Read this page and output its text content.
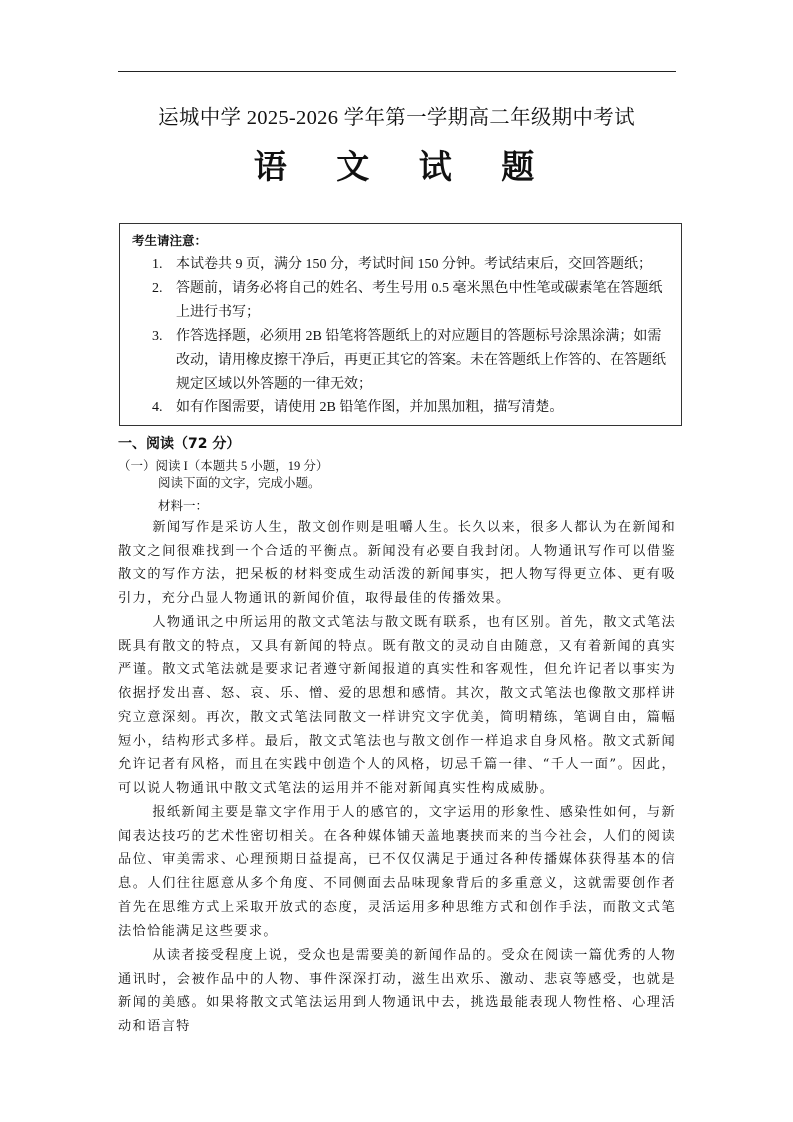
运城中学 2025-2026 学年第一学期高二年级期中考试
语 文 试 题
考生请注意：
1. 本试卷共 9 页，满分 150 分，考试时间 150 分钟。考试结束后，交回答题纸；
2. 答题前，请务必将自己的姓名、考生号用 0.5 毫米黑色中性笔或碳素笔在答题纸上进行书写；
3. 作答选择题，必须用 2B 铅笔将答题纸上的对应题目的答题标号涂黑涂满；如需改动，请用橡皮擦干净后，再更正其它的答案。未在答题纸上作答的、在答题纸规定区域以外答题的一律无效；
4. 如有作图需要，请使用 2B 铅笔作图，并加黑加粗，描写清楚。
一、阅读（72 分）
（一）阅读 I（本题共 5 小题，19 分）
阅读下面的文字，完成小题。
材料一：
新闻写作是采访人生，散文创作则是咀嚼人生。长久以来，很多人都认为在新闻和散文之间很难找到一个合适的平衡点。新闻没有必要自我封闭。人物通讯写作可以借鉴散文的写作方法，把呆板的材料变成生动活泼的新闻事实，把人物写得更立体、更有吸引力，充分凸显人物通讯的新闻价值，取得最佳的传播效果。
人物通讯之中所运用的散文式笔法与散文既有联系，也有区别。首先，散文式笔法既具有散文的特点，又具有新闻的特点。既有散文的灵动自由随意，又有着新闻的真实严谨。散文式笔法就是要求记者遵守新闻报道的真实性和客观性，但允许记者以事实为依据抒发出喜、怒、哀、乐、憎、爱的思想和感情。其次，散文式笔法也像散文那样讲究立意深刻。再次，散文式笔法同散文一样讲究文字优美，简明精练，笔调自由，篇幅短小，结构形式多样。最后，散文式笔法也与散文创作一样追求自身风格。散文式新闻允许记者有风格，而且在实践中创造个人的风格，切忌千篇一律、“千人一面”。因此，可以说人物通讯中散文式笔法的运用并不能对新闻真实性构成威胁。
报纸新闻主要是靠文字作用于人的感官的，文字运用的形象性、感染性如何，与新闻表达技巧的艺术性密切相关。在各种媒体铺天盖地裹挟而来的当今社会，人们的阅读品位、审美需求、心理预期日益提高，已不仅仅满足于通过各种传播媒体获得基本的信息。人们往往愿意从多个角度、不同侧面去品味现象背后的多重意义，这就需要创作者首先在思维方式上采取开放式的态度，灵活运用多种思维方式和创作手法，而散文式笔法恰恰能满足这些要求。
从读者接受程度上说，受众也是需要美的新闻作品的。受众在阅读一篇优秀的人物通讯时，会被作品中的人物、事件深深打动，滋生出欢乐、激动、悲哀等感受，也就是新闻的美感。如果将散文式笔法运用到人物通讯中去，挑选最能表现人物性格、心理活动和语言特
